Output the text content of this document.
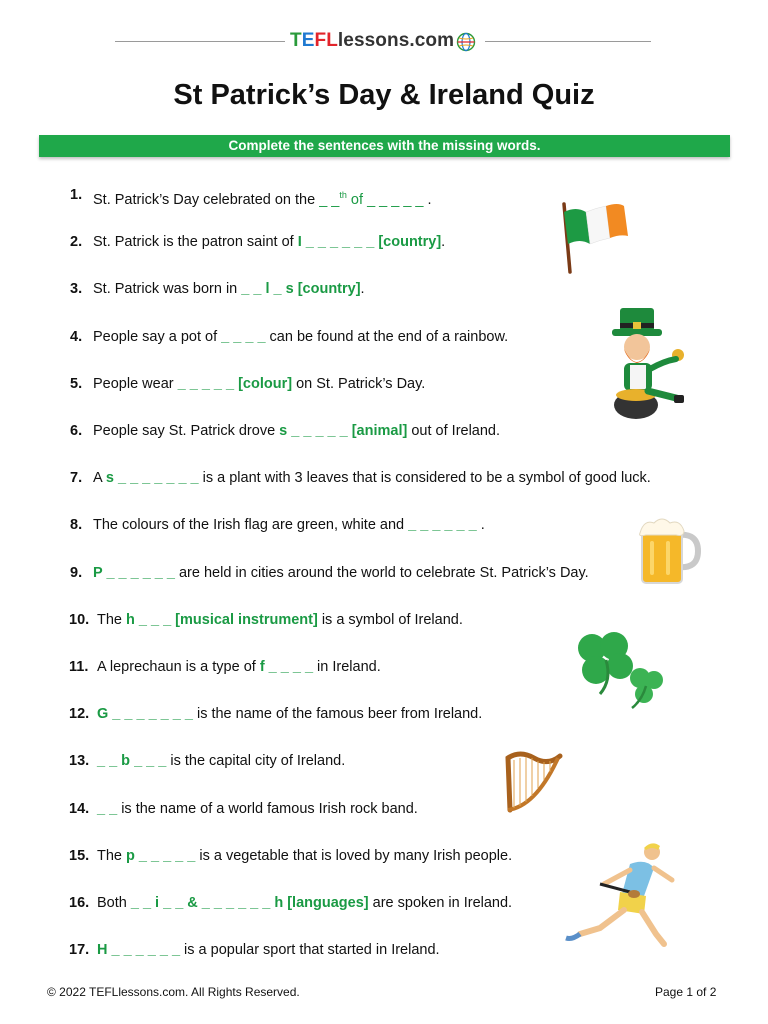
TEFLlessons.com
St Patrick’s Day & Ireland Quiz
Complete the sentences with the missing words.
1. St. Patrick’s Day celebrated on the _ _$^{th}$ of _ _ _ _ _ .
2. St. Patrick is the patron saint of I _ _ _ _ _ _ [country].
3. St. Patrick was born in _ _ l _ s [country].
4. People say a pot of _ _ _ _ can be found at the end of a rainbow.
5. People wear _ _ _ _ _ [colour] on St. Patrick’s Day.
6. People say St. Patrick drove s _ _ _ _ _ [animal] out of Ireland.
7. A s _ _ _ _ _ _ _ is a plant with 3 leaves that is considered to be a symbol of good luck.
8. The colours of the Irish flag are green, white and _ _ _ _ _ _ .
9. P _ _ _ _ _ _ are held in cities around the world to celebrate St. Patrick’s Day.
10. The h _ _ _ [musical instrument] is a symbol of Ireland.
11. A leprechaun is a type of f _ _ _ _ in Ireland.
12. G _ _ _ _ _ _ _ is the name of the famous beer from Ireland.
13. _ _ b _ _ _ is the capital city of Ireland.
14. _ _ is the name of a world famous Irish rock band.
15. The p _ _ _ _ _ is a vegetable that is loved by many Irish people.
16. Both _ _ i _ _ & _ _ _ _ _ _ h [languages] are spoken in Ireland.
17. H _ _ _ _ _ _ is a popular sport that started in Ireland.
© 2022 TEFLlessons.com. All Rights Reserved.	Page 1 of 2
